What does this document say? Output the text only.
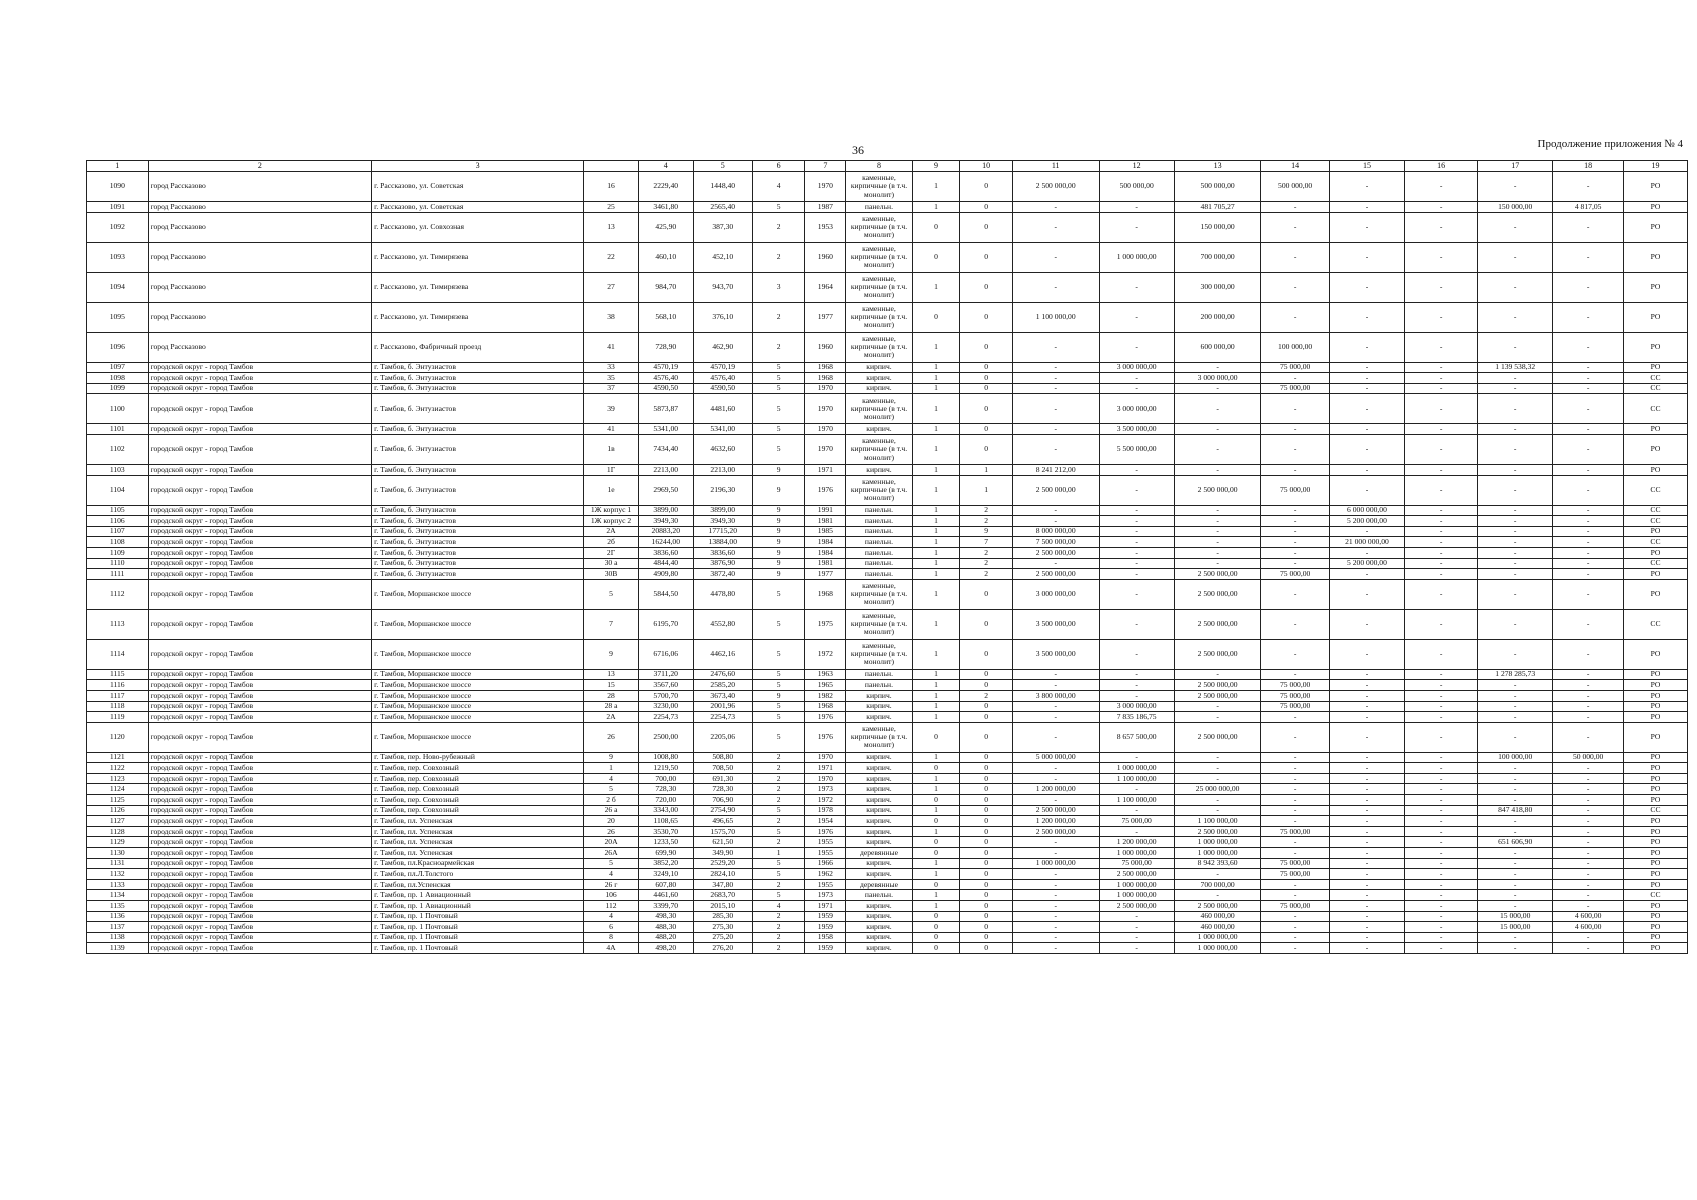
36	Продолжение приложения № 4
1	2	3		4	5	6	7	8	9	10	11	12	13	14	15	16	17	18	19
1090	город Рассказово	г. Рассказово, ул. Советская	16	2229,40	1448,40	4	1970	каменные, кирпичные (в т.ч. монолит)	1	0	2 500 000,00	500 000,00	500 000,00	500 000,00	-	-	-	-	РО
1091	город Рассказово	г. Рассказово, ул. Советская	25	3461,80	2565,40	5	1987	панельн.	1	0	-	-	481 705,27	-	-	-	150 000,00	4 817,05	РО
1092	город Рассказово	г. Рассказово, ул. Совхозная	13	425,90	387,30	2	1953	каменные, кирпичные (в т.ч. монолит)	0	0	-	-	150 000,00	-	-	-	-	-	РО
1093	город Рассказово	г. Рассказово, ул. Тимирязева	22	460,10	452,10	2	1960	каменные, кирпичные (в т.ч. монолит)	0	0	-	1 000 000,00	700 000,00	-	-	-	-	-	РО
1094	город Рассказово	г. Рассказово, ул. Тимирязева	27	984,70	943,70	3	1964	каменные, кирпичные (в т.ч. монолит)	1	0	-	-	300 000,00	-	-	-	-	-	РО
1095	город Рассказово	г. Рассказово, ул. Тимирязева	38	568,10	376,10	2	1977	каменные, кирпичные (в т.ч. монолит)	0	0	1 100 000,00	-	200 000,00	-	-	-	-	-	РО
1096	город Рассказово	г. Рассказово, Фабричный проезд	41	728,90	462,90	2	1960	каменные, кирпичные (в т.ч. монолит)	1	0	-	-	600 000,00	100 000,00	-	-	-	-	РО
1097	городской округ - город Тамбов	г. Тамбов, б. Энтузиастов	33	4570,19	4570,19	5	1968	кирпич.	1	0	-	3 000 000,00	-	75 000,00	-	-	1 139 538,32	-	РО
1098	городской округ - город Тамбов	г. Тамбов, б. Энтузиастов	35	4576,40	4576,40	5	1968	кирпич.	1	0	-	-	3 000 000,00	-	-	-	-	-	СС
1099	городской округ - город Тамбов	г. Тамбов, б. Энтузиастов	37	4590,50	4590,50	5	1970	кирпич.	1	0	-	-	-	75 000,00	-	-	-	-	СС
1100	городской округ - город Тамбов	г. Тамбов, б. Энтузиастов	39	5873,87	4481,60	5	1970	каменные, кирпичные (в т.ч. монолит)	1	0	-	3 000 000,00	-	-	-	-	-	-	СС
1101	городской округ - город Тамбов	г. Тамбов, б. Энтузиастов	41	5341,00	5341,00	5	1970	кирпич.	1	0	-	3 500 000,00	-	-	-	-	-	-	РО
1102	городской округ - город Тамбов	г. Тамбов, б. Энтузиастов	1в	7434,40	4632,60	5	1970	каменные, кирпичные (в т.ч. монолит)	1	0	-	5 500 000,00	-	-	-	-	-	-	РО
1103	городской округ - город Тамбов	г. Тамбов, б. Энтузиастов	1Г	2213,00	2213,00	9	1971	кирпич.	1	1	8 241 212,00	-	-	-	-	-	-	-	РО
1104	городской округ - город Тамбов	г. Тамбов, б. Энтузиастов	1е	2969,50	2196,30	9	1976	каменные, кирпичные (в т.ч. монолит)	1	1	2 500 000,00	-	2 500 000,00	75 000,00	-	-	-	-	СС
1105	городской округ - город Тамбов	г. Тамбов, б. Энтузиастов	1Ж корпус 1	3899,00	3899,00	9	1991	панельн.	1	2	-	-	-	-	6 000 000,00	-	-	-	СС
1106	городской округ - город Тамбов	г. Тамбов, б. Энтузиастов	1Ж корпус 2	3949,30	3949,30	9	1981	панельн.	1	2	-	-	-	-	5 200 000,00	-	-	-	СС
1107	городской округ - город Тамбов	г. Тамбов, б. Энтузиастов	2А	20883,20	17715,20	9	1985	панельн.	1	9	8 000 000,00	-	-	-	-	-	-	-	РО
1108	городской округ - город Тамбов	г. Тамбов, б. Энтузиастов	2б	16244,00	13884,00	9	1984	панельн.	1	7	7 500 000,00	-	-	-	21 000 000,00	-	-	-	СС
1109	городской округ - город Тамбов	г. Тамбов, б. Энтузиастов	2Г	3836,60	3836,60	9	1984	панельн.	1	2	2 500 000,00	-	-	-	-	-	-	-	РО
1110	городской округ - город Тамбов	г. Тамбов, б. Энтузиастов	30 а	4844,40	3876,90	9	1981	панельн.	1	2	-	-	-	-	5 200 000,00	-	-	-	СС
1111	городской округ - город Тамбов	г. Тамбов, б. Энтузиастов	30В	4909,80	3872,40	9	1977	панельн.	1	2	2 500 000,00	-	2 500 000,00	75 000,00	-	-	-	-	РО
1112	городской округ - город Тамбов	г. Тамбов, Моршанское шоссе	5	5844,50	4478,80	5	1968	каменные, кирпичные (в т.ч. монолит)	1	0	3 000 000,00	-	2 500 000,00	-	-	-	-	-	РО
1113	городской округ - город Тамбов	г. Тамбов, Моршанское шоссе	7	6195,70	4552,80	5	1975	каменные, кирпичные (в т.ч. монолит)	1	0	3 500 000,00	-	2 500 000,00	-	-	-	-	-	СС
1114	городской округ - город Тамбов	г. Тамбов, Моршанское шоссе	9	6716,06	4462,16	5	1972	каменные, кирпичные (в т.ч. монолит)	1	0	3 500 000,00	-	2 500 000,00	-	-	-	-	-	РО
1115	городской округ - город Тамбов	г. Тамбов, Моршанское шоссе	13	3711,20	2476,60	5	1963	панельн.	1	0	-	-	-	-	-	-	1 278 285,73	-	РО
1116	городской округ - город Тамбов	г. Тамбов, Моршанское шоссе	15	3567,60	2585,20	5	1965	панельн.	1	0	-	-	2 500 000,00	75 000,00	-	-	-	-	РО
1117	городской округ - город Тамбов	г. Тамбов, Моршанское шоссе	28	5700,70	3673,40	9	1982	кирпич.	1	2	3 800 000,00	-	2 500 000,00	75 000,00	-	-	-	-	РО
1118	городской округ - город Тамбов	г. Тамбов, Моршанское шоссе	28 а	3230,00	2001,96	5	1968	кирпич.	1	0	-	3 000 000,00	-	75 000,00	-	-	-	-	РО
1119	городской округ - город Тамбов	г. Тамбов, Моршанское шоссе	2А	2254,73	2254,73	5	1976	кирпич.	1	0	-	7 835 186,75	-	-	-	-	-	-	РО
1120	городской округ - город Тамбов	г. Тамбов, Моршанское шоссе	26	2500,00	2205,06	5	1976	каменные, кирпичные (в т.ч. монолит)	0	0	-	8 657 500,00	2 500 000,00	-	-	-	-	-	РО
1121	городской округ - город Тамбов	г. Тамбов, пер. Ново-рубежный	9	1008,80	508,80	2	1970	кирпич.	1	0	5 000 000,00	-	-	-	-	-	100 000,00	50 000,00	РО
1122	городской округ - город Тамбов	г. Тамбов, пер. Совхозный	1	1219,50	708,50	2	1971	кирпич.	0	0	-	1 000 000,00	-	-	-	-	-	-	РО
1123	городской округ - город Тамбов	г. Тамбов, пер. Совхозный	4	700,00	691,30	2	1970	кирпич.	1	0	-	1 100 000,00	-	-	-	-	-	-	РО
1124	городской округ - город Тамбов	г. Тамбов, пер. Совхозный	5	728,30	728,30	2	1973	кирпич.	1	0	1 200 000,00	-	25 000 000,00	-	-	-	-	-	РО
1125	городской округ - город Тамбов	г. Тамбов, пер. Совхозный	2 б	720,00	706,90	2	1972	кирпич.	0	0	-	1 100 000,00	-	-	-	-	-	-	РО
1126	городской округ - город Тамбов	г. Тамбов, пер. Совхозный	26 а	3343,00	2754,90	5	1978	кирпич.	1	0	2 500 000,00	-	-	-	-	-	847 418,80	-	СС
1127	городской округ - город Тамбов	г. Тамбов, пл. Успенская	20	1108,65	496,65	2	1954	кирпич.	0	0	1 200 000,00	75 000,00	1 100 000,00	-	-	-	-	-	РО
1128	городской округ - город Тамбов	г. Тамбов, пл. Успенская	26	3530,70	1575,70	5	1976	кирпич.	1	0	2 500 000,00	-	2 500 000,00	75 000,00	-	-	-	-	РО
1129	городской округ - город Тамбов	г. Тамбов, пл. Успенская	20А	1233,50	621,50	2	1955	кирпич.	0	0	-	1 200 000,00	1 000 000,00	-	-	-	651 606,90	-	РО
1130	городской округ - город Тамбов	г. Тамбов, пл. Успенская	26А	699,90	349,90	1	1955	деревянные	0	0	-	1 000 000,00	1 000 000,00	-	-	-	-	-	РО
1131	городской округ - город Тамбов	г. Тамбов, пл.Красноармейская	5	3852,20	2529,20	5	1966	кирпич.	1	0	1 000 000,00	75 000,00	8 942 393,60	75 000,00	-	-	-	-	РО
1132	городской округ - город Тамбов	г. Тамбов, пл.Л.Толстого	4	3249,10	2824,10	5	1962	кирпич.	1	0	-	2 500 000,00	-	75 000,00	-	-	-	-	РО
1133	городской округ - город Тамбов	г. Тамбов, пл.Успенская	26 г	607,80	347,80	2	1955	деревянные	0	0	-	1 000 000,00	700 000,00	-	-	-	-	-	РО
1134	городской округ - город Тамбов	г. Тамбов, пр. 1 Авиационный	106	4461,60	2683,70	5	1973	панельн.	1	0	-	1 000 000,00	-	-	-	-	-	-	СС
1135	городской округ - город Тамбов	г. Тамбов, пр. 1 Авиационный	112	3399,70	2015,10	4	1971	кирпич.	1	0	-	2 500 000,00	2 500 000,00	75 000,00	-	-	-	-	РО
1136	городской округ - город Тамбов	г. Тамбов, пр. 1 Почтовый	4	498,30	285,30	2	1959	кирпич.	0	0	-	-	460 000,00	-	-	-	15 000,00	4 600,00	РО
1137	городской округ - город Тамбов	г. Тамбов, пр. 1 Почтовый	6	488,30	275,30	2	1959	кирпич.	0	0	-	-	460 000,00	-	-	-	15 000,00	4 600,00	РО
1138	городской округ - город Тамбов	г. Тамбов, пр. 1 Почтовый	8	488,20	275,20	2	1958	кирпич.	0	0	-	-	1 000 000,00	-	-	-	-	-	РО
1139	городской округ - город Тамбов	г. Тамбов, пр. 1 Почтовый	4А	498,20	276,20	2	1959	кирпич.	0	0	-	-	1 000 000,00	-	-	-	-	-	РО
